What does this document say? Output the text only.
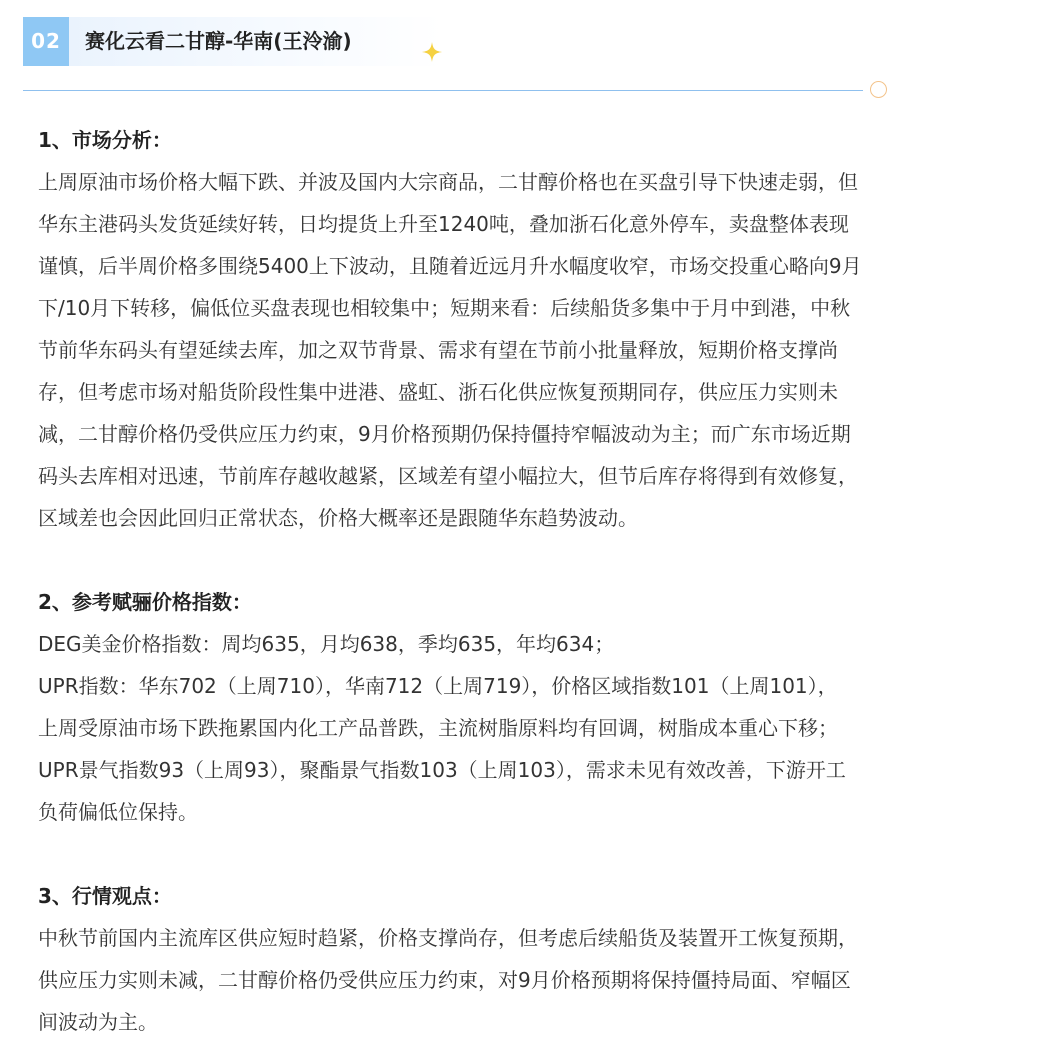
02	赛化云看二甘醇-华南(王泠渝)

1、市场分析：

上周原油市场价格大幅下跌、并波及国内大宗商品，二甘醇价格也在买盘引导下快速走弱，但

华东主港码头发货延续好转，日均提货上升至1240吨，叠加浙石化意外停车，卖盘整体表现

谨慎，后半周价格多围绕5400上下波动，且随着近远月升水幅度收窄，市场交投重心略向9月

下/10月下转移，偏低位买盘表现也相较集中；短期来看：后续船货多集中于月中到港，中秋

节前华东码头有望延续去库，加之双节背景、需求有望在节前小批量释放，短期价格支撑尚

存，但考虑市场对船货阶段性集中进港、盛虹、浙石化供应恢复预期同存，供应压力实则未

减，二甘醇价格仍受供应压力约束，9月价格预期仍保持僵持窄幅波动为主；而广东市场近期

码头去库相对迅速，节前库存越收越紧，区域差有望小幅拉大，但节后库存将得到有效修复，

区域差也会因此回归正常状态，价格大概率还是跟随华东趋势波动。

2、参考赋骊价格指数：

DEG美金价格指数：周均635，月均638，季均635，年均634；

UPR指数：华东702（上周710），华南712（上周719），价格区域指数101（上周101），

上周受原油市场下跌拖累国内化工产品普跌，主流树脂原料均有回调，树脂成本重心下移；

UPR景气指数93（上周93），聚酯景气指数103（上周103），需求未见有效改善，下游开工

负荷偏低位保持。

3、行情观点：

中秋节前国内主流库区供应短时趋紧，价格支撑尚存，但考虑后续船货及装置开工恢复预期，

供应压力实则未减，二甘醇价格仍受供应压力约束，对9月价格预期将保持僵持局面、窄幅区

间波动为主。
